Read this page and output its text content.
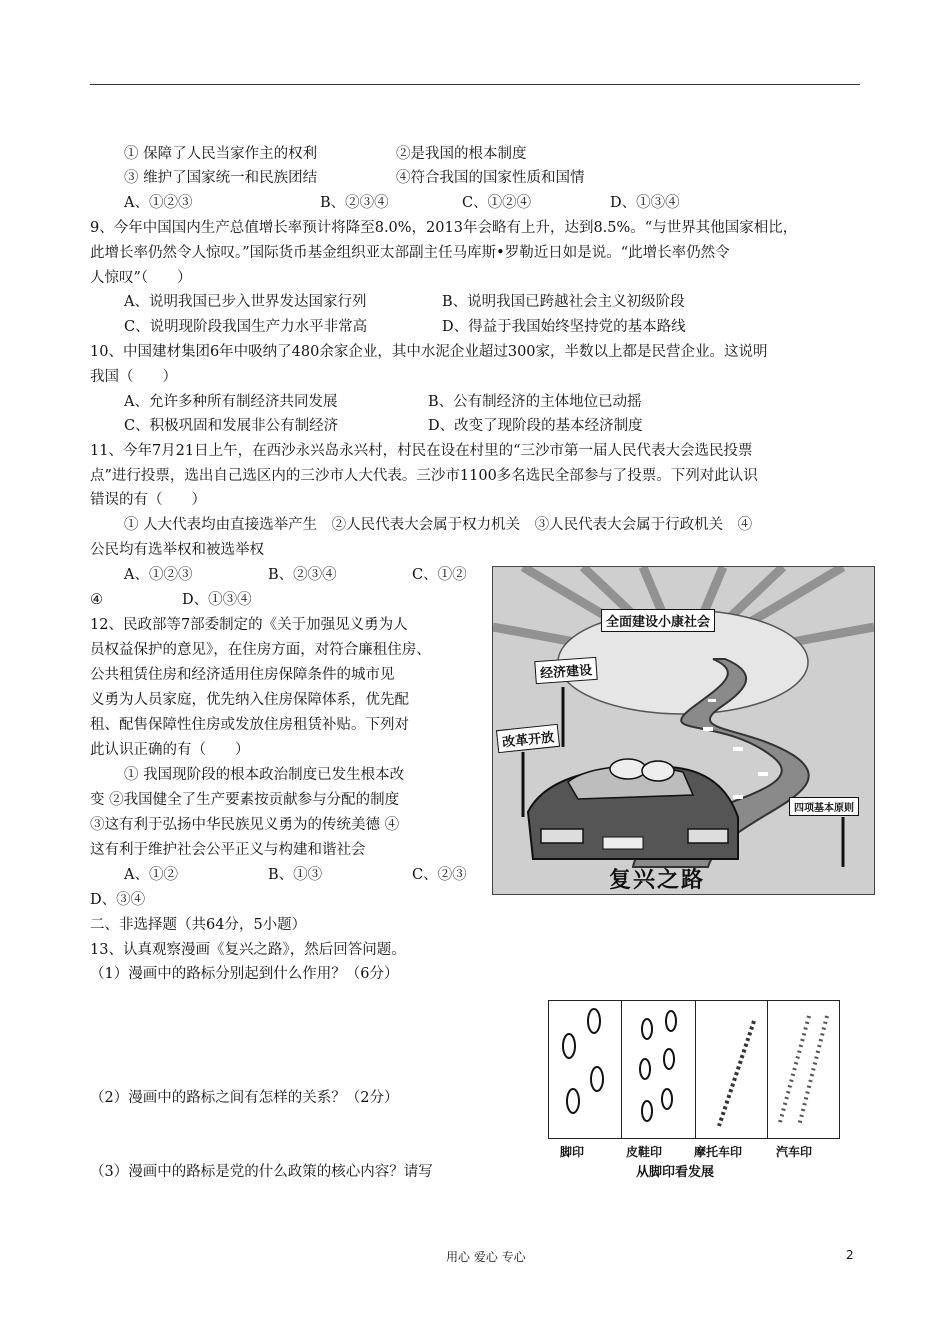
① 保障了人民当家作主的权利	②是我国的根本制度
③ 维护了国家统一和民族团结	④符合我国的国家性质和国情
A、①②③	B、②③④	C、①②④	D、①③④
9、今年中国国内生产总值增长率预计将降至8.0%，2013年会略有上升，达到8.5%。“与世界其他国家相比，
此增长率仍然令人惊叹。”国际货币基金组织亚太部副主任马库斯•罗勒近日如是说。“此增长率仍然令
人惊叹”（　　）
A、说明我国已步入世界发达国家行列	B、说明我国已跨越社会主义初级阶段
C、说明现阶段我国生产力水平非常高	D、得益于我国始终坚持党的基本路线
10、中国建材集团6年中吸纳了480余家企业，其中水泥企业超过300家，半数以上都是民营企业。这说明
我国（　　）
A、允许多种所有制经济共同发展	B、公有制经济的主体地位已动摇
C、积极巩固和发展非公有制经济	D、改变了现阶段的基本经济制度
11、今年7月21日上午，在西沙永兴岛永兴村，村民在设在村里的“三沙市第一届人民代表大会选民投票
点”进行投票，选出自己选区内的三沙市人大代表。三沙市1100多名选民全部参与了投票。下列对此认识
错误的有（　　）
① 人大代表均由直接选举产生　②人民代表大会属于权力机关　③人民代表大会属于行政机关　④
公民均有选举权和被选举权
A、①②③	B、②③④	C、①②
④	D、①③④
12、民政部等7部委制定的《关于加强见义勇为人
员权益保护的意见》，在住房方面，对符合廉租住房、
公共租赁住房和经济适用住房保障条件的城市见
义勇为人员家庭，优先纳入住房保障体系，优先配
租、配售保障性住房或发放住房租赁补贴。下列对
此认识正确的有（　　）
① 我国现阶段的根本政治制度已发生根本改
变 ②我国健全了生产要素按贡献参与分配的制度
③这有利于弘扬中华民族见义勇为的传统美德 ④
这有利于维护社会公平正义与构建和谐社会
A、①②	B、①③	C、②③
D、③④
二、非选择题（共64分，5小题）
13、认真观察漫画《复兴之路》，然后回答问题。
（1）漫画中的路标分别起到什么作用？（6分）
（2）漫画中的路标之间有怎样的关系？（2分）
（3）漫画中的路标是党的什么政策的核心内容？请写
全面建设小康社会
经济建设
改革开放
四项基本原则
复兴之路
脚印	皮鞋印	摩托车印	汽车印
从脚印看发展
用心 爱心 专心	2
